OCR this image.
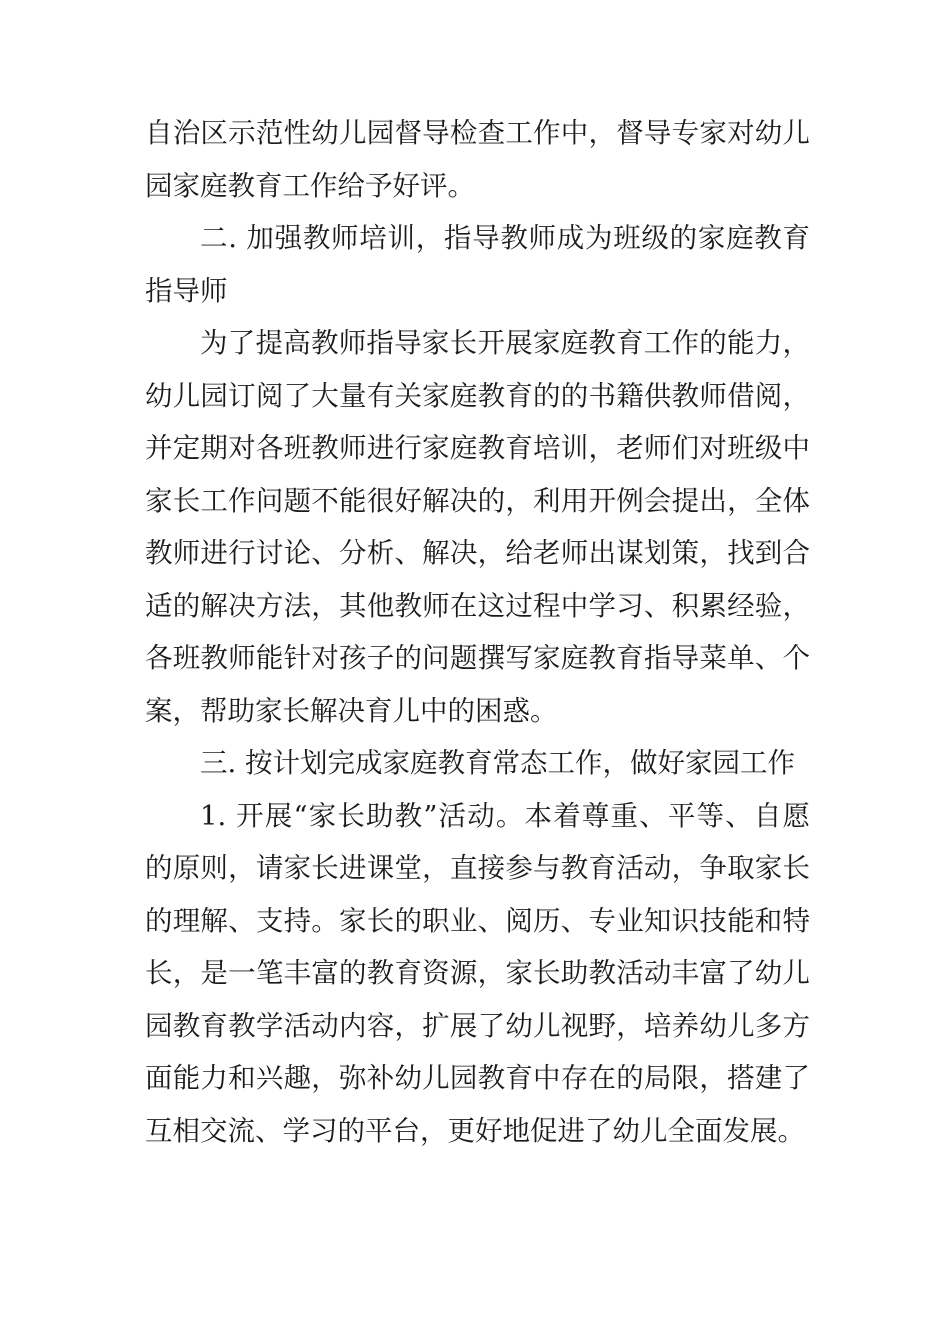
自治区示范性幼儿园督导检查工作中，督导专家对幼儿园家庭教育工作给予好评。

二. 加强教师培训，指导教师成为班级的家庭教育指导师

为了提高教师指导家长开展家庭教育工作的能力，幼儿园订阅了大量有关家庭教育的的书籍供教师借阅，并定期对各班教师进行家庭教育培训，老师们对班级中家长工作问题不能很好解决的，利用开例会提出，全体教师进行讨论、分析、解决，给老师出谋划策，找到合适的解决方法，其他教师在这过程中学习、积累经验，各班教师能针对孩子的问题撰写家庭教育指导菜单、个案，帮助家长解决育儿中的困惑。

三. 按计划完成家庭教育常态工作，做好家园工作

1. 开展“家长助教”活动。本着尊重、平等、自愿的原则，请家长进课堂，直接参与教育活动，争取家长的理解、支持。家长的职业、阅历、专业知识技能和特长，是一笔丰富的教育资源，家长助教活动丰富了幼儿园教育教学活动内容，扩展了幼儿视野，培养幼儿多方面能力和兴趣，弥补幼儿园教育中存在的局限，搭建了互相交流、学习的平台，更好地促进了幼儿全面发展。
